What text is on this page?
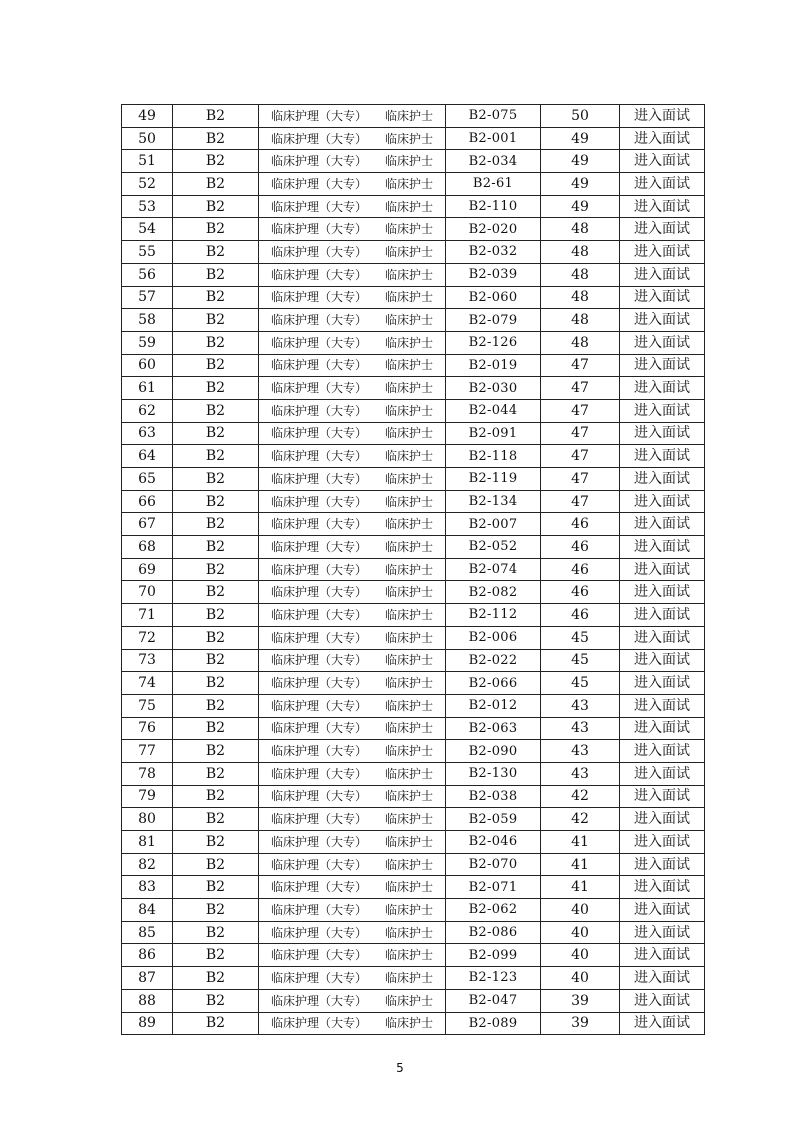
49	B2	临床护理（大专） 临床护士	B2-075	50	进入面试
50	B2	临床护理（大专） 临床护士	B2-001	49	进入面试
51	B2	临床护理（大专） 临床护士	B2-034	49	进入面试
52	B2	临床护理（大专） 临床护士	B2-61	49	进入面试
53	B2	临床护理（大专） 临床护士	B2-110	49	进入面试
54	B2	临床护理（大专） 临床护士	B2-020	48	进入面试
55	B2	临床护理（大专） 临床护士	B2-032	48	进入面试
56	B2	临床护理（大专） 临床护士	B2-039	48	进入面试
57	B2	临床护理（大专） 临床护士	B2-060	48	进入面试
58	B2	临床护理（大专） 临床护士	B2-079	48	进入面试
59	B2	临床护理（大专） 临床护士	B2-126	48	进入面试
60	B2	临床护理（大专） 临床护士	B2-019	47	进入面试
61	B2	临床护理（大专） 临床护士	B2-030	47	进入面试
62	B2	临床护理（大专） 临床护士	B2-044	47	进入面试
63	B2	临床护理（大专） 临床护士	B2-091	47	进入面试
64	B2	临床护理（大专） 临床护士	B2-118	47	进入面试
65	B2	临床护理（大专） 临床护士	B2-119	47	进入面试
66	B2	临床护理（大专） 临床护士	B2-134	47	进入面试
67	B2	临床护理（大专） 临床护士	B2-007	46	进入面试
68	B2	临床护理（大专） 临床护士	B2-052	46	进入面试
69	B2	临床护理（大专） 临床护士	B2-074	46	进入面试
70	B2	临床护理（大专） 临床护士	B2-082	46	进入面试
71	B2	临床护理（大专） 临床护士	B2-112	46	进入面试
72	B2	临床护理（大专） 临床护士	B2-006	45	进入面试
73	B2	临床护理（大专） 临床护士	B2-022	45	进入面试
74	B2	临床护理（大专） 临床护士	B2-066	45	进入面试
75	B2	临床护理（大专） 临床护士	B2-012	43	进入面试
76	B2	临床护理（大专） 临床护士	B2-063	43	进入面试
77	B2	临床护理（大专） 临床护士	B2-090	43	进入面试
78	B2	临床护理（大专） 临床护士	B2-130	43	进入面试
79	B2	临床护理（大专） 临床护士	B2-038	42	进入面试
80	B2	临床护理（大专） 临床护士	B2-059	42	进入面试
81	B2	临床护理（大专） 临床护士	B2-046	41	进入面试
82	B2	临床护理（大专） 临床护士	B2-070	41	进入面试
83	B2	临床护理（大专） 临床护士	B2-071	41	进入面试
84	B2	临床护理（大专） 临床护士	B2-062	40	进入面试
85	B2	临床护理（大专） 临床护士	B2-086	40	进入面试
86	B2	临床护理（大专） 临床护士	B2-099	40	进入面试
87	B2	临床护理（大专） 临床护士	B2-123	40	进入面试
88	B2	临床护理（大专） 临床护士	B2-047	39	进入面试
89	B2	临床护理（大专） 临床护士	B2-089	39	进入面试
5
